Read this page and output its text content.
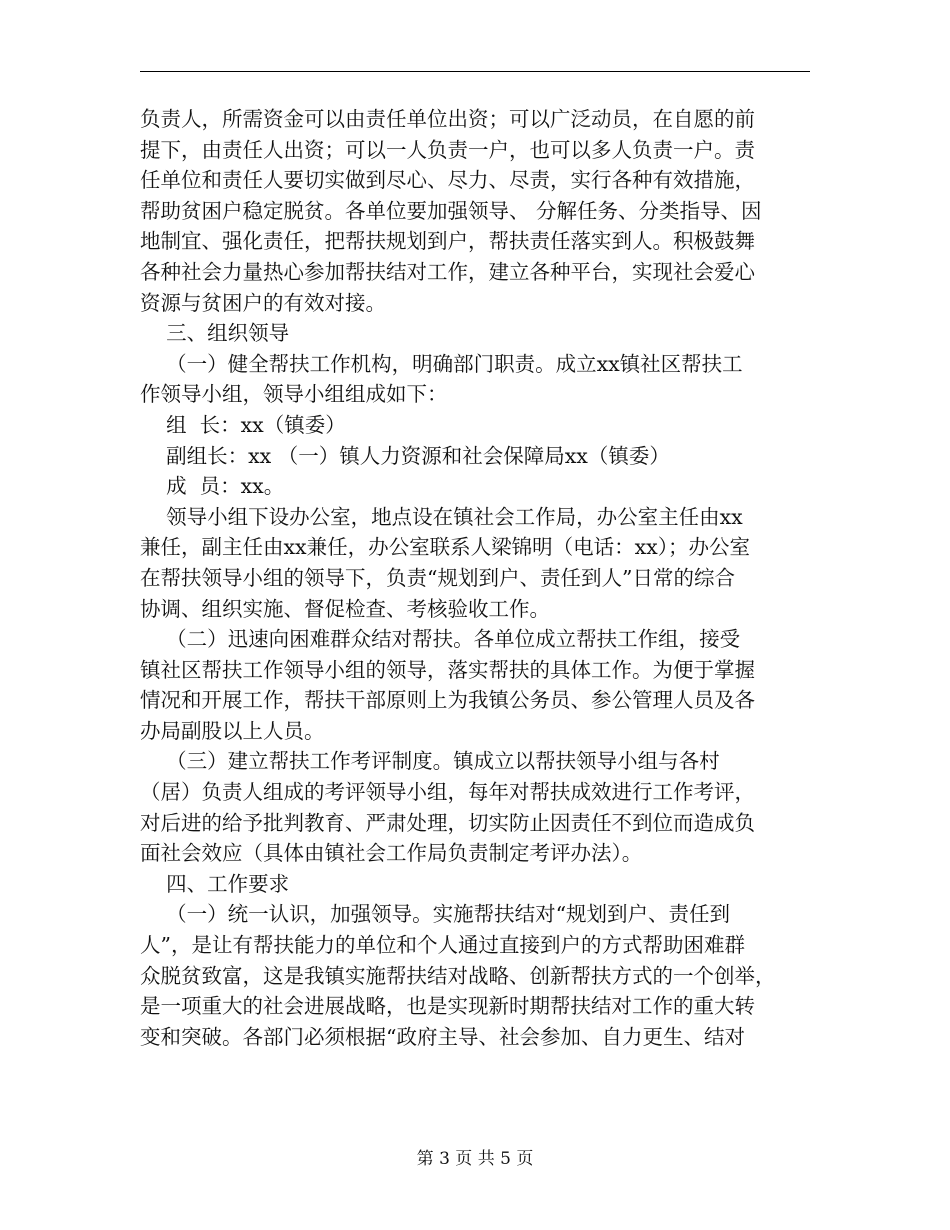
负责人，所需资金可以由责任单位出资；可以广泛动员，在自愿的前
提下，由责任人出资；可以一人负责一户，也可以多人负责一户。责
任单位和责任人要切实做到尽心、尽力、尽责，实行各种有效措施，
帮助贫困户稳定脱贫。各单位要加强领导、 分解任务、分类指导、因
地制宜、强化责任，把帮扶规划到户，帮扶责任落实到人。积极鼓舞
各种社会力量热心参加帮扶结对工作，建立各种平台，实现社会爱心
资源与贫困户的有效对接。
三、组织领导
（一）健全帮扶工作机构，明确部门职责。成立xx镇社区帮扶工
作领导小组，领导小组组成如下：
组  长：xx（镇委）
副组长：xx （一）镇人力资源和社会保障局xx（镇委）
成  员：xx。
领导小组下设办公室，地点设在镇社会工作局，办公室主任由xx
兼任，副主任由xx兼任，办公室联系人梁锦明（电话：xx）；办公室
在帮扶领导小组的领导下，负责“规划到户、责任到人”日常的综合
协调、组织实施、督促检查、考核验收工作。
（二）迅速向困难群众结对帮扶。各单位成立帮扶工作组，接受
镇社区帮扶工作领导小组的领导，落实帮扶的具体工作。为便于掌握
情况和开展工作，帮扶干部原则上为我镇公务员、参公管理人员及各
办局副股以上人员。
（三）建立帮扶工作考评制度。镇成立以帮扶领导小组与各村
（居）负责人组成的考评领导小组，每年对帮扶成效进行工作考评，
对后进的给予批判教育、严肃处理，切实防止因责任不到位而造成负
面社会效应（具体由镇社会工作局负责制定考评办法）。
四、工作要求
（一）统一认识，加强领导。实施帮扶结对“规划到户、责任到
人”，是让有帮扶能力的单位和个人通过直接到户的方式帮助困难群
众脱贫致富，这是我镇实施帮扶结对战略、创新帮扶方式的一个创举，
是一项重大的社会进展战略，也是实现新时期帮扶结对工作的重大转
变和突破。各部门必须根据“政府主导、社会参加、自力更生、结对
第 3 页 共 5 页
